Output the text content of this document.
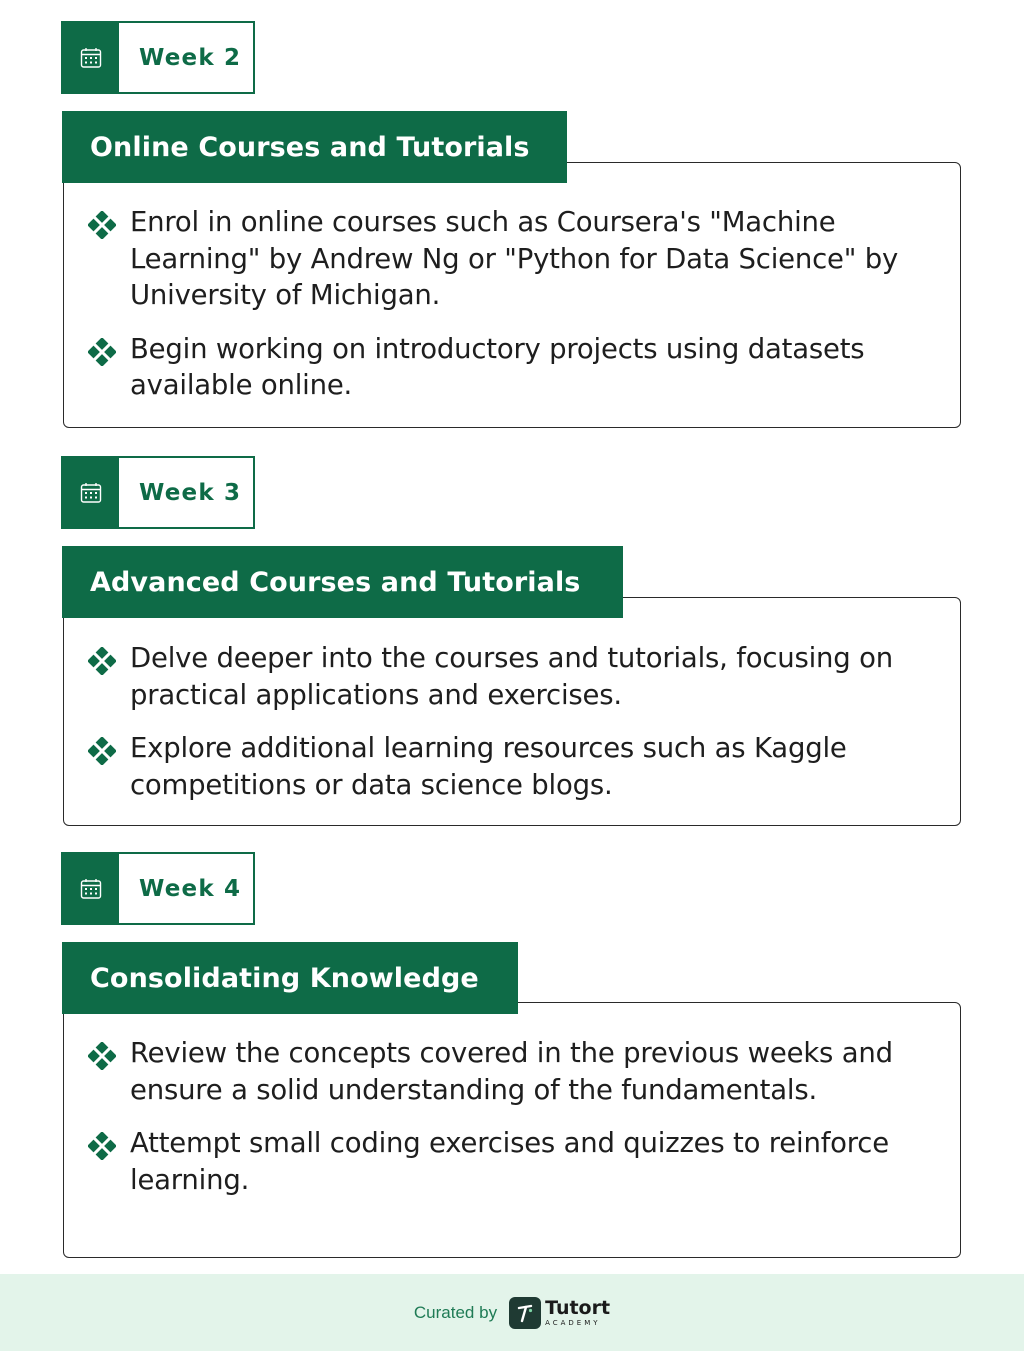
Week 2
Enrol in online courses such as Coursera's "Machine Learning" by Andrew Ng or "Python for Data Science" by University of Michigan.
Begin working on introductory projects using datasets available online.
Online Courses and Tutorials
Week 3
Delve deeper into the courses and tutorials, focusing on practical applications and exercises.
Explore additional learning resources such as Kaggle competitions or data science blogs.
Advanced Courses and Tutorials
Week 4
Review the concepts covered in the previous weeks and ensure a solid understanding of the fundamentals.
Attempt small coding exercises and quizzes to reinforce learning.
Consolidating Knowledge
Curated by	Tutort
ACADEMY
